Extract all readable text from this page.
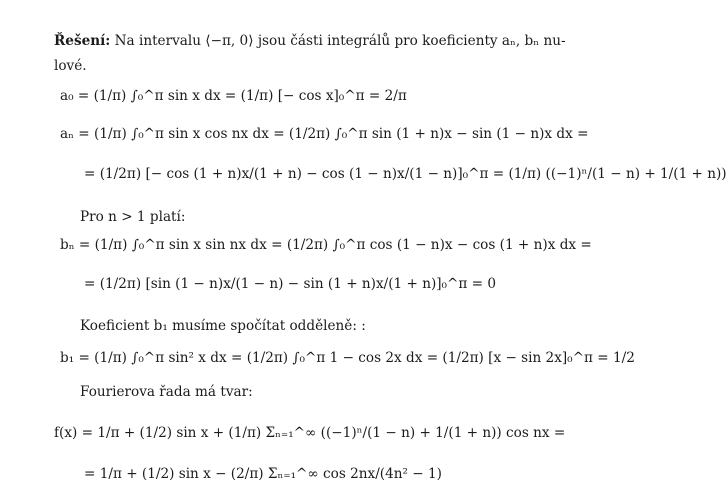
Řešení: Na intervalu ⟨−π, 0⟩ jsou části integrálů pro koeficienty aₙ, bₙ nu-
lové.
a₀ = (1/π) ∫₀^π sin x dx = (1/π) [− cos x]₀^π = 2/π
aₙ = (1/π) ∫₀^π sin x cos nx dx = (1/2π) ∫₀^π sin (1 + n)x − sin (1 − n)x dx =
= (1/2π) [− cos (1 + n)x/(1 + n) − cos (1 − n)x/(1 − n)]₀^π = (1/π) ((−1)ⁿ/(1 − n) + 1/(1 + n))
Pro n > 1 platí:
bₙ = (1/π) ∫₀^π sin x sin nx dx = (1/2π) ∫₀^π cos (1 − n)x − cos (1 + n)x dx =
= (1/2π) [sin (1 − n)x/(1 − n) − sin (1 + n)x/(1 + n)]₀^π = 0
Koeficient b₁ musíme spočítat odděleně: :
b₁ = (1/π) ∫₀^π sin² x dx = (1/2π) ∫₀^π 1 − cos 2x dx = (1/2π) [x − sin 2x]₀^π = 1/2
Fourierova řada má tvar:
f(x) = 1/π + (1/2) sin x + (1/π) Σₙ₌₁^∞ ((−1)ⁿ/(1 − n) + 1/(1 + n)) cos nx =
= 1/π + (1/2) sin x − (2/π) Σₙ₌₁^∞ cos 2nx/(4n² − 1)
